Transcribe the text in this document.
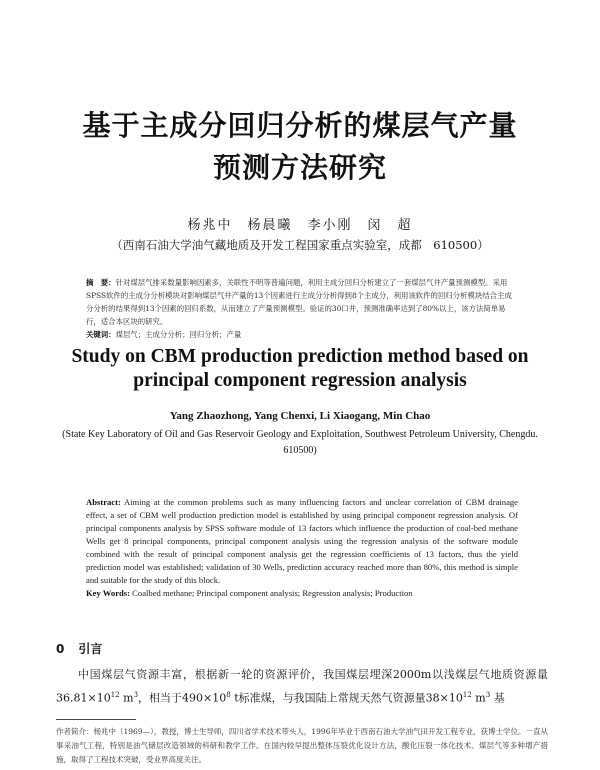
基于主成分回归分析的煤层气产量
预测方法研究
杨兆中　杨晨曦　李小刚　闵　超
（西南石油大学油气藏地质及开发工程国家重点实验室，成都　610500）
摘　要：针对煤层气排采数量影响因素多，关联性不明等普遍问题，利用主成分回归分析建立了一套煤层气井产量预测模型。采用SPSS软件的主成分分析模块对影响煤层气井产量的13个因素进行主成分分析得到8个主成分，利用该软件的回归分析模块结合主成分分析的结果得到13个因素的回归系数，从而建立了产量预测模型。验证的30口井，预测准确率达到了80%以上，该方法简单易行，适合本区块的研究。
关键词：煤层气；主成分分析；回归分析；产量
Study on CBM production prediction method based on
principal component regression analysis
Yang Zhaozhong, Yang Chenxi, Li Xiaogang, Min Chao
(State Key Laboratory of Oil and Gas Reservoir Geology and Exploitation, Southwest Petroleum University, Chengdu. 610500)
Abstract: Aiming at the common problems such as many influencing factors and unclear correlation of CBM drainage effect, a set of CBM well production prediction model is established by using principal component regression analysis. Of principal components analysis by SPSS software module of 13 factors which influence the production of coal-bed methane Wells get 8 principal components, principal component analysis using the regression analysis of the software module combined with the result of principal component analysis get the regression coefficients of 13 factors, thus the yield prediction model was established; validation of 30 Wells, prediction accuracy reached more than 80%, this method is simple and suitable for the study of this block.
Key Words: Coalbed methane; Principal component analysis; Regression analysis; Production
0 引言
中国煤层气资源丰富，根据新一轮的资源评价，我国煤层埋深2000m以浅煤层气地质资源量$36.81\times 10^{12}$ $m^3$，相当于$490\times 10^8$ t标准煤，与我国陆上常规天然气资源量$38\times 10^{12}$ $m^3$ 基
作者简介：杨兆中（1969—），教授，博士生导师，四川省学术技术带头人，1996年毕业于西南石油大学油气田开发工程专业，获博士学位。一直从事采油气工程，特别是油气储层改造领域的科研和教学工作。在国内较早提出整体压裂优化设计方法，酸化压裂一体化技术、煤层气等多种增产措施，取得了工程技术突破，受业界高度关注。
